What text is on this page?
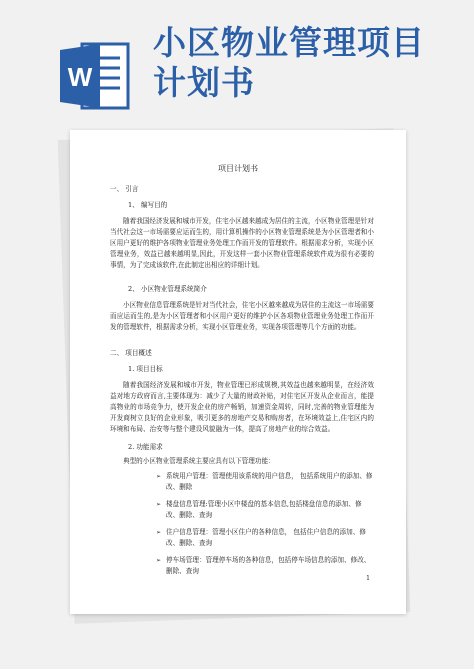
W
小区物业管理项目
计划书
项目计划书
一、 引言
1、 编写目的
随着我国经济发展和城市开发，住宅小区越来越成为居住的主流，小区物业管理是针对当代社会这一市场需要应运而生的，用计算机操作的小区物业管理系统是为小区管理者和小区用户更好的维护各项物业管理业务处理工作而开发的管理软件。根据需求分析，实现小区管理业务，效益已越来越明显,因此，开发这样一套小区物业管理系统软件成为很有必要的事情，为了完成该软件,在此制定出相应的详细计划。
2、 小区物业管理系统简介
小区物业信息管理系统是针对当代社会，住宅小区越来越成为居住的主流这一市场需要而应运而生的,是为小区管理者和小区用户更好的维护小区各项物业管理业务处理工作而开发的管理软件，根据需求分析，实现小区管理业务，实现各项管理等几个方面的功能。
二、 项目概述
1. 项目目标
随着我国经济发展和城市开发，物业管理已形成规模,其效益也越来越明显，在经济效益对地方政府而言,主要体现为：减少了大量的财政补贴，对住宅区开发从企业而言，能提高物业的市场竞争力，使开发企业的房产畅销，加速资金周转，同时,完善的物业管理能为开发商树立良好的企业形象，吸引更多的房地产交易和购房者，在环境效益上,住宅区内的环境和布局、治安等与整个建设风貌融为一体，提高了房地产业的综合效益。
2. 功能需求
典型的小区物业管理系统主要应具有以下管理功能：
➢ 系统用户管理：管理使用该系统的用户信息， 包括系统用户的添加、修改、删除
➢ 楼盘信息管理:管理小区中楼盘的基本信息,包括楼盘信息的添加、修改、删除、查询
➢ 住户信息管理：管理小区住户的各种信息， 包括住户信息的添加、修改、删除、查询
➢ 停车场管理：管理停车场的各种信息，包括停车场信息的添加、修改、删除、查询
1
